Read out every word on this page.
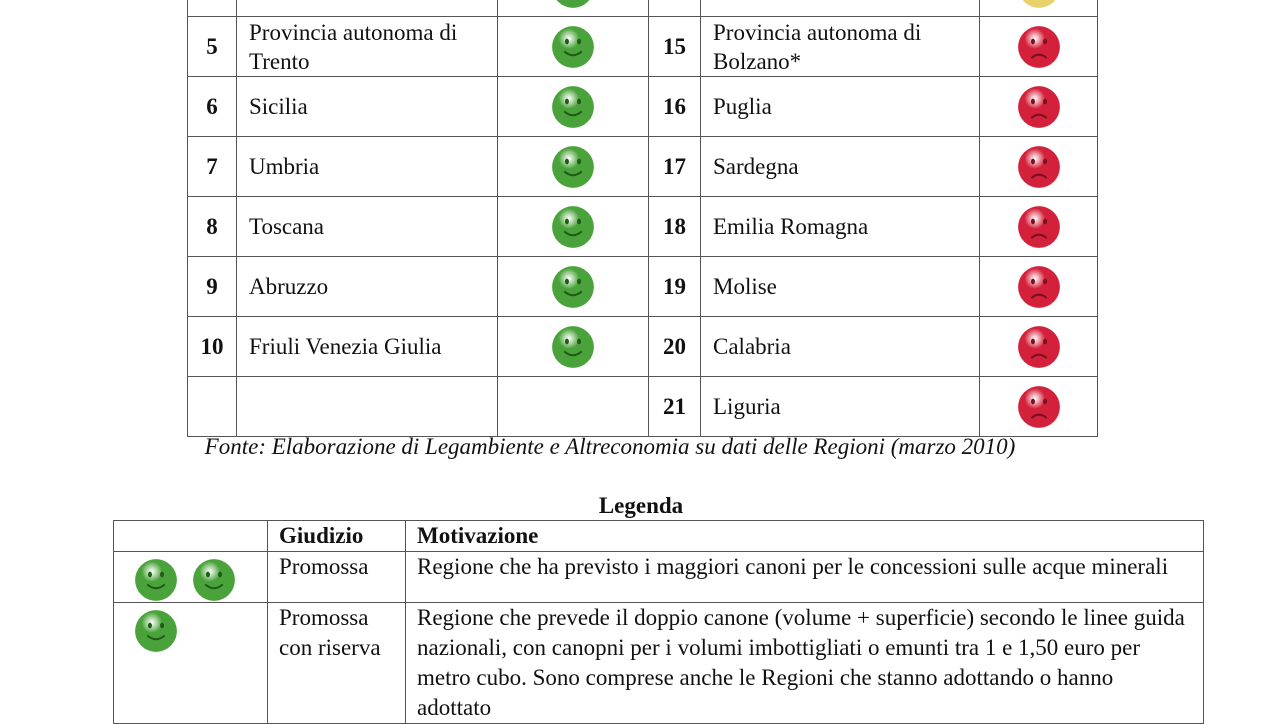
5	Provincia autonoma di Trento		15	Provincia autonoma di Bolzano*	

6	Sicilia		16	Puglia	

7	Umbria		17	Sardegna	

8	Toscana		18	Emilia Romagna	

9	Abruzzo		19	Molise	

10	Friuli Venezia Giulia		20	Calabria	

			21	Liguria	
Fonte: Elaborazione di Legambiente e Altreconomia su dati delle Regioni (marzo 2010)
Legenda
	Giudizio	Motivazione

	Promossa	Regione che ha previsto i maggiori canoni per le concessioni sulle acque minerali

	Promossa con riserva	Regione che prevede il doppio canone (volume + superficie) secondo le linee guida nazionali, con canopni per i volumi imbottigliati o emunti tra 1 e 1,50 euro per metro cubo. Sono comprese anche le Regioni che stanno adottando o hanno adottato
